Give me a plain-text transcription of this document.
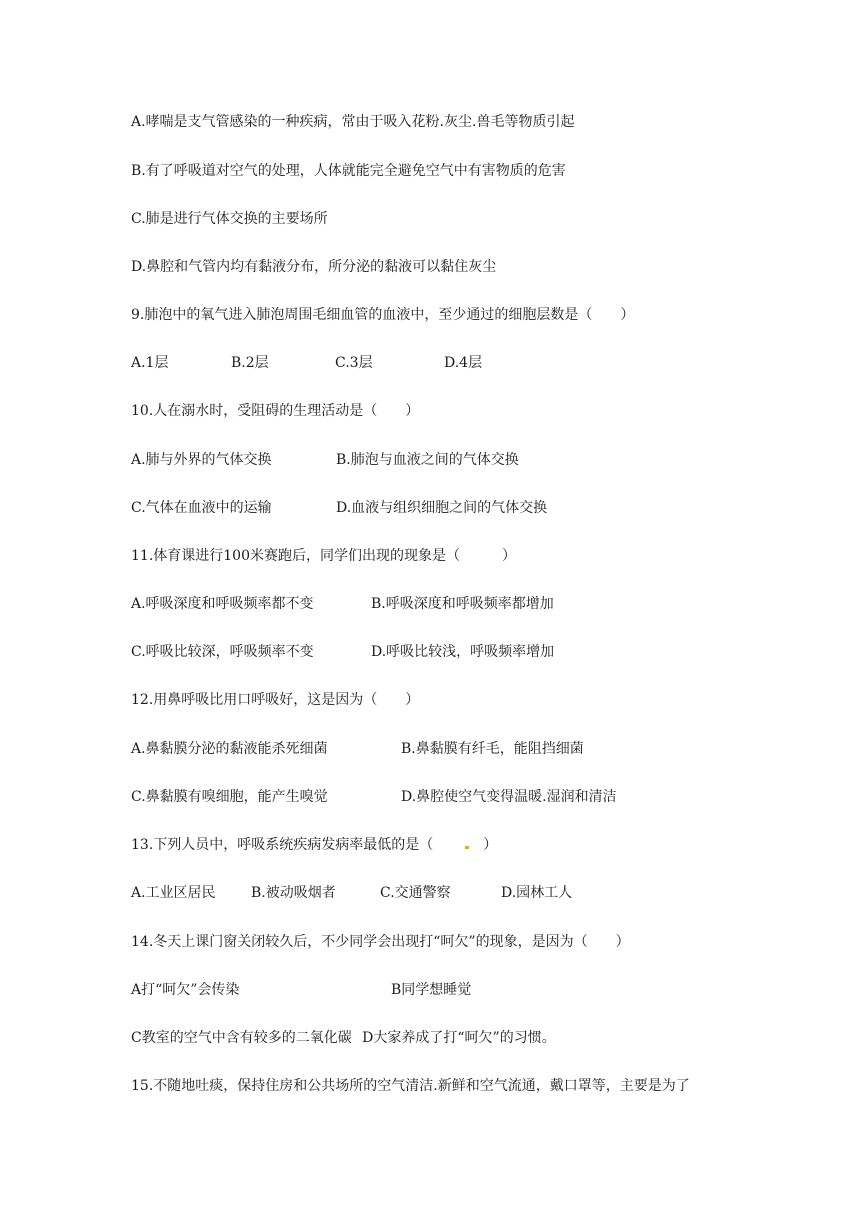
A.哮喘是支气管感染的一种疾病，常由于吸入花粉.灰尘.兽毛等物质引起
B.有了呼吸道对空气的处理，人体就能完全避免空气中有害物质的危害
C.肺是进行气体交换的主要场所
D.鼻腔和气管内均有黏液分布，所分泌的黏液可以黏住灰尘
9.肺泡中的氧气进入肺泡周围毛细血管的血液中，至少通过的细胞层数是（　　）
A.1层	B.2层	C.3层	D.4层
10.人在溺水时，受阻碍的生理活动是（　　）
A.肺与外界的气体交换	B.肺泡与血液之间的气体交换
C.气体在血液中的运输	D.血液与组织细胞之间的气体交换
11.体育课进行100米赛跑后，同学们出现的现象是（　　　）
A.呼吸深度和呼吸频率都不变	B.呼吸深度和呼吸频率都增加
C.呼吸比较深，呼吸频率不变	D.呼吸比较浅，呼吸频率增加
12.用鼻呼吸比用口呼吸好，这是因为（　　）
A.鼻黏膜分泌的黏液能杀死细菌	B.鼻黏膜有纤毛，能阻挡细菌
C.鼻黏膜有嗅细胞，能产生嗅觉	D.鼻腔使空气变得温暖.湿润和清洁
13.下列人员中，呼吸系统疾病发病率最低的是（	）
A.工业区居民	B.被动吸烟者	C.交通警察	D.园林工人
14.冬天上课门窗关闭较久后，不少同学会出现打“呵欠”的现象，是因为（　　）
A打“呵欠”会传染	B同学想睡觉
C教室的空气中含有较多的二氧化碳 D大家养成了打“呵欠”的习惯。
15.不随地吐痰，保持住房和公共场所的空气清洁.新鲜和空气流通，戴口罩等，主要是为了
